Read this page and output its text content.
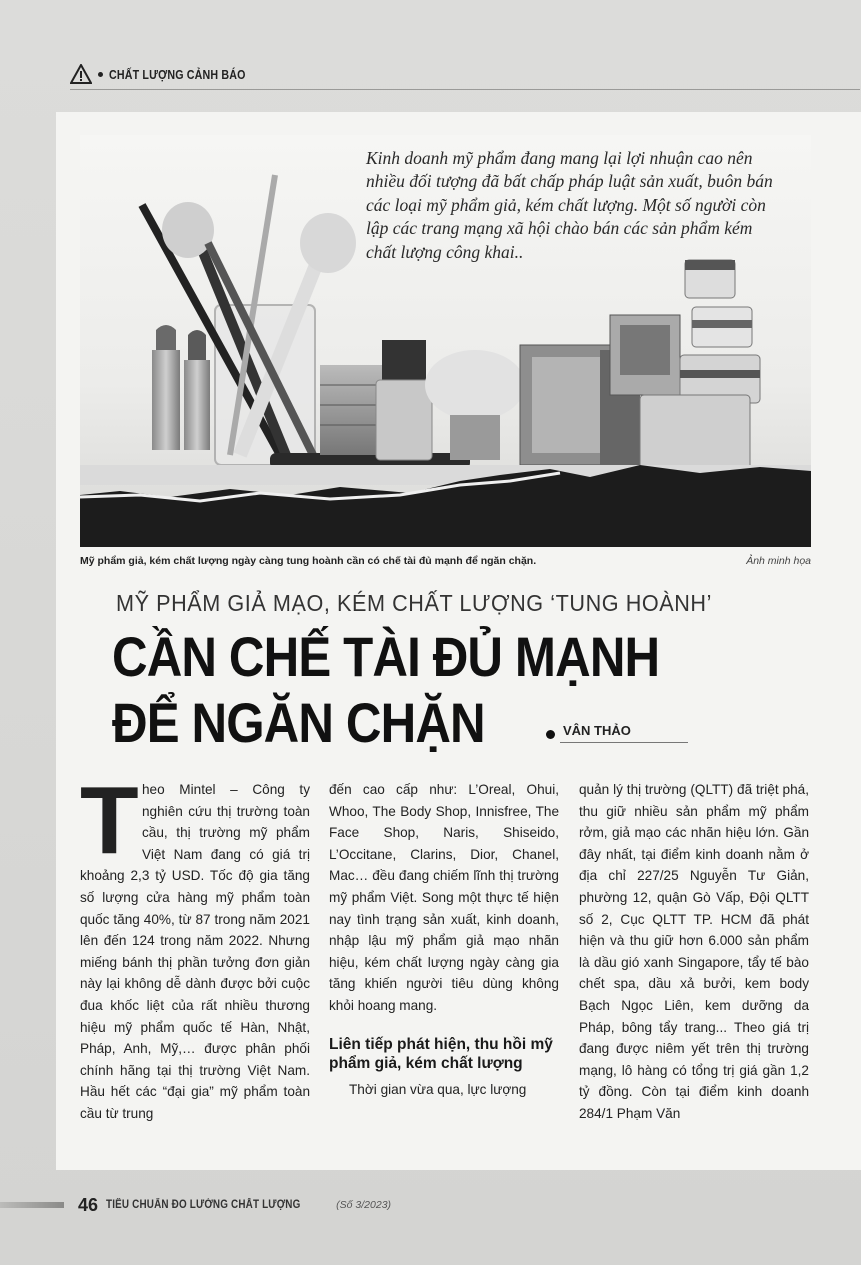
CHẤT LƯỢNG CẢNH BÁO
Kinh doanh mỹ phẩm đang mang lại lợi nhuận cao nên nhiều đối tượng đã bất chấp pháp luật sản xuất, buôn bán các loại mỹ phẩm giả, kém chất lượng. Một số người còn lập các trang mạng xã hội chào bán các sản phẩm kém chất lượng công khai..
Mỹ phẩm giả, kém chất lượng ngày càng tung hoành cần có chế tài đủ mạnh để ngăn chặn.	Ảnh minh họa
MỸ PHẨM GIẢ MẠO, KÉM CHẤT LƯỢNG ‘TUNG HOÀNH’
CẦN CHẾ TÀI ĐỦ MẠNH
ĐỂ NGĂN CHẶN	VÂN THẢO
T heo Mintel – Công ty nghiên cứu thị trường toàn cầu, thị trường mỹ phẩm Việt Nam đang có giá trị khoảng 2,3 tỷ USD. Tốc độ gia tăng số lượng cửa hàng mỹ phẩm toàn quốc tăng 40%, từ 87 trong năm 2021 lên đến 124 trong năm 2022. Nhưng miếng bánh thị phần tưởng đơn giản này lại không dễ dành được bởi cuộc đua khốc liệt của rất nhiều thương hiệu mỹ phẩm quốc tế Hàn, Nhật, Pháp, Anh, Mỹ,… được phân phối chính hãng tại thị trường Việt Nam. Hầu hết các “đại gia” mỹ phẩm toàn cầu từ trung

đến cao cấp như: L’Oreal, Ohui, Whoo, The Body Shop, Innisfree, The Face Shop, Naris, Shiseido, L’Occitane, Clarins, Dior, Chanel, Mac… đều đang chiếm lĩnh thị trường mỹ phẩm Việt. Song một thực tế hiện nay tình trạng sản xuất, kinh doanh, nhập lậu mỹ phẩm giả mạo nhãn hiệu, kém chất lượng ngày càng gia tăng khiến người tiêu dùng không khỏi hoang mang.

Liên tiếp phát hiện, thu hồi mỹ phẩm giả, kém chất lượng

Thời gian vừa qua, lực lượng

quản lý thị trường (QLTT) đã triệt phá, thu giữ nhiều sản phẩm mỹ phẩm rởm, giả mạo các nhãn hiệu lớn. Gần đây nhất, tại điểm kinh doanh nằm ở địa chỉ 227/25 Nguyễn Tư Giản, phường 12, quận Gò Vấp, Đội QLTT số 2, Cục QLTT TP. HCM đã phát hiện và thu giữ hơn 6.000 sản phẩm là dầu gió xanh Singapore, tẩy tế bào chết spa, dầu xả bưởi, kem body Bạch Ngọc Liên, kem dưỡng da Pháp, bông tẩy trang... Theo giá trị đang được niêm yết trên thị trường mạng, lô hàng có tổng trị giá gần 1,2 tỷ đồng. Còn tại điểm kinh doanh 284/1 Phạm Văn

46 TIÊU CHUẨN ĐO LƯỜNG CHẤT LƯỢNG	(Số 3/2023)
